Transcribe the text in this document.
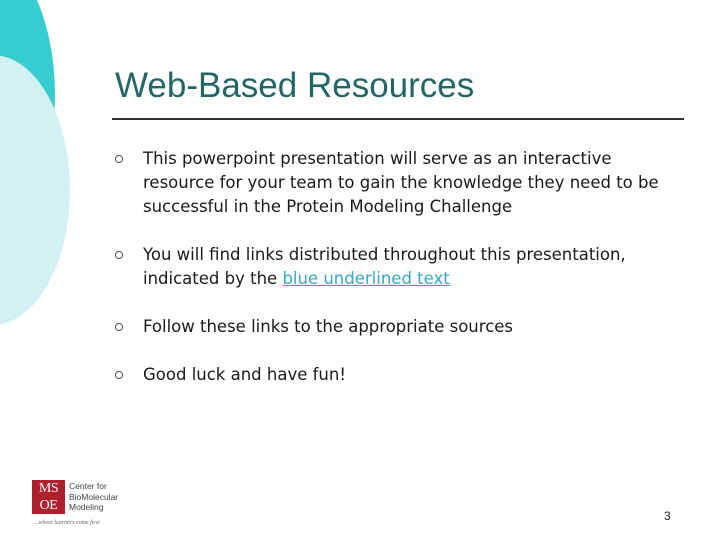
Web-Based Resources
This powerpoint presentation will serve as an interactive resource for your team to gain the knowledge they need to be successful in the Protein Modeling Challenge
You will find links distributed throughout this presentation, indicated by the blue underlined text
Follow these links to the appropriate sources
Good luck and have fun!
MS
OE
Center for
BioMolecular
Modeling
...where learners come first	3
